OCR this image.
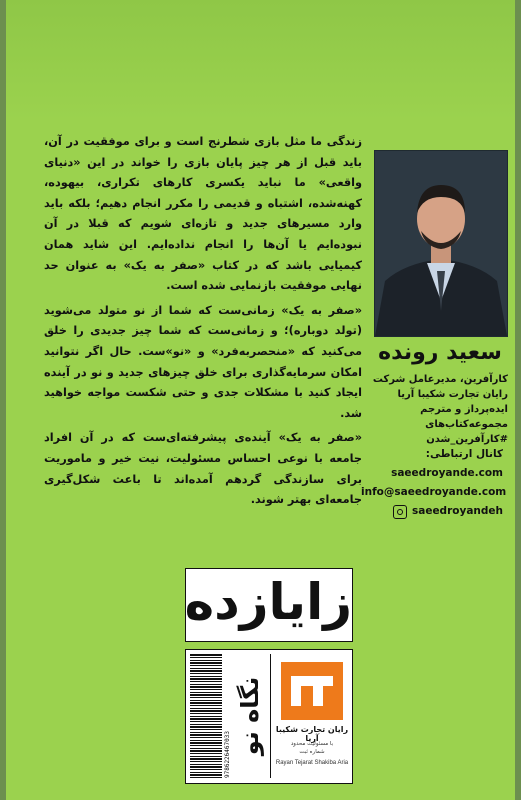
زندگی ما مثل بازی شطرنج است و برای موفقیت در آن، باید قبل از هر چیز پایان بازی را خواند در این «دنیای واقعی» ما نباید یکسری کارهای تکراری، بیهوده، کهنه‌شده، اشتباه و قدیمی را مکرر انجام دهیم؛ بلکه باید وارد مسیرهای جدید و تازه‌ای شویم که قبلا در آن نبوده‌ایم یا آن‌ها را انجام نداده‌ایم. این شاید همان کیمیایی باشد که در کتاب «صفر به یک» به عنوان حد نهایی موفقیت بازنمایی شده است.

«صفر به یک» زمانی‌ست که شما از نو متولد می‌شوید (تولد دوباره)؛ و زمانی‌ست که شما چیز جدیدی را خلق می‌کنید که «منحصربه‌فرد» و «نو»ست. حال اگر نتوانید امکان سرمایه‌گذاری برای خلق چیزهای جدید و نو در آینده ایجاد کنید با مشکلات جدی و حتی شکست مواجه خواهید شد.

«صفر به یک» آینده‌ی پیشرفته‌ای‌ست که در آن افراد جامعه با نوعی احساس مسئولیت، نیت خیر و ماموریت برای سازندگی گردهم آمده‌اند تا باعث شکل‌گیری جامعه‌ای بهتر شوند.

سعید رونده
کارآفرین، مدیرعامل شرکت
رایان تجارت شکیبا آریا
ایده‌پرداز و مترجم
مجموعه‌کتاب‌های
#کارآفرین_شدن
کانال ارتباطی:
saeedroyande.com
info@saeedroyande.com
saeedroyandeh
زایازده
9786226467033 نگاه نو	رایان تجارت شکیبا آریا
با مسئولیت محدود
شماره ثبت
Rayan Tejarat Shakiba Aria
